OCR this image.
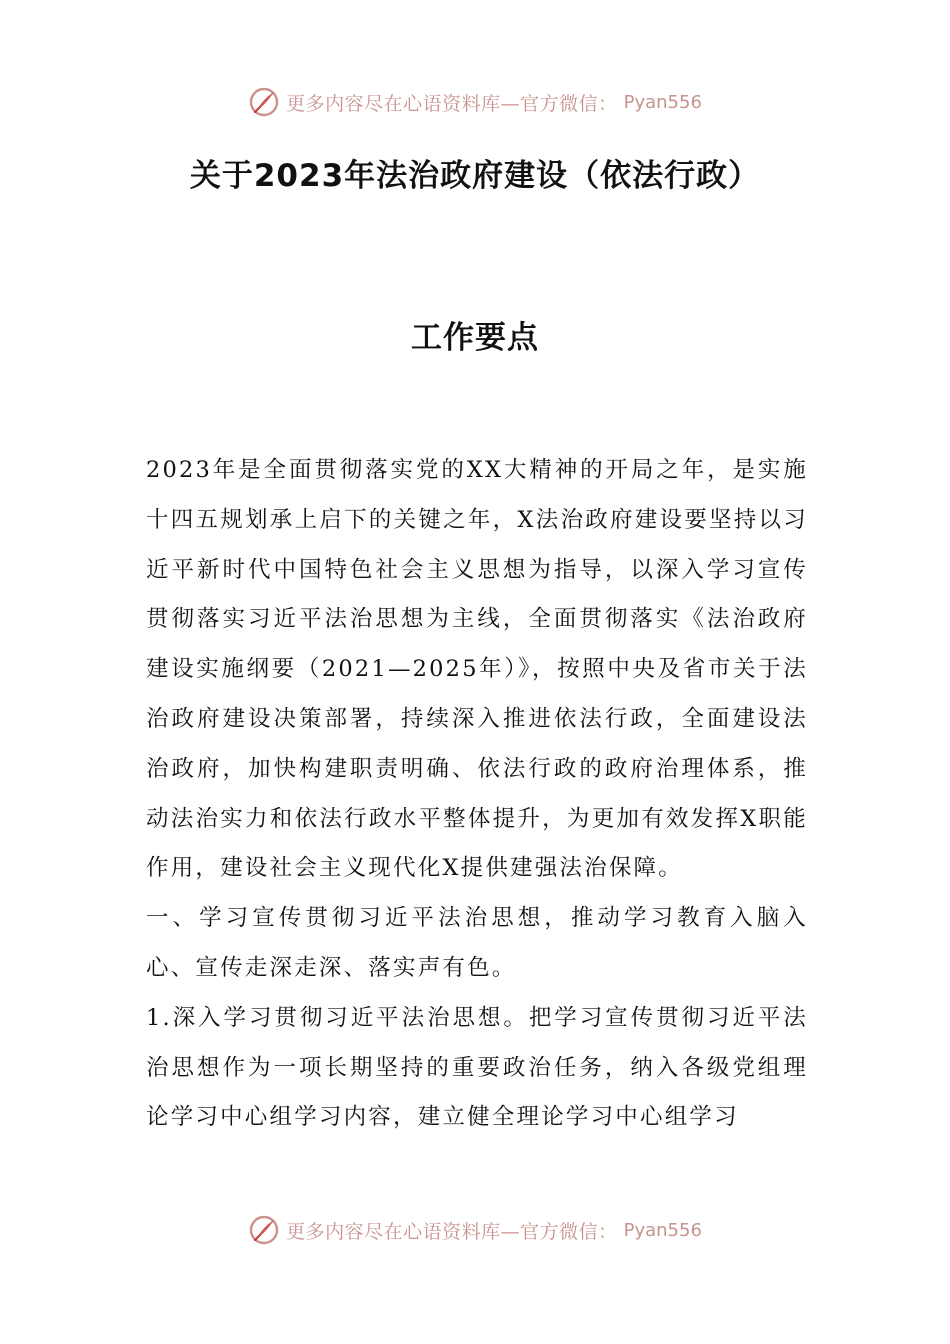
更多内容尽在心语资料库—官方微信： Pyan556
关于2023年法治政府建设（依法行政）
工作要点

2023年是全面贯彻落实党的XX大精神的开局之年，是实施十四五规划承上启下的关键之年，X法治政府建设要坚持以习近平新时代中国特色社会主义思想为指导，以深入学习宣传贯彻落实习近平法治思想为主线，全面贯彻落实《法治政府建设实施纲要（2021—2025年）》，按照中央及省市关于法治政府建设决策部署，持续深入推进依法行政，全面建设法治政府，加快构建职责明确、依法行政的政府治理体系，推动法治实力和依法行政水平整体提升，为更加有效发挥X职能作用，建设社会主义现代化X提供建强法治保障。

一、学习宣传贯彻习近平法治思想，推动学习教育入脑入心、宣传走深走深、落实声有色。

1.深入学习贯彻习近平法治思想。把学习宣传贯彻习近平法治思想作为一项长期坚持的重要政治任务，纳入各级党组理论学习中心组学习内容，建立健全理论学习中心组学习

更多内容尽在心语资料库—官方微信： Pyan556
